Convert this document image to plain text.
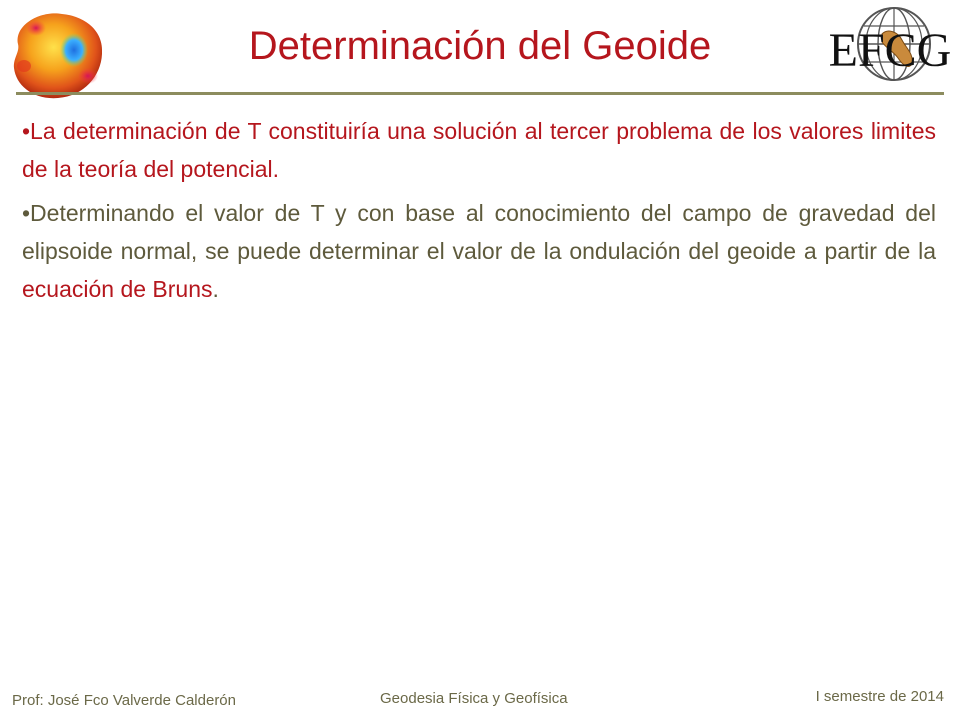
Determinación del Geoide	EFCG

•La determinación de T constituiría una solución al tercer problema de los valores limites de la teoría del potencial.

•Determinando el valor de T y con base al conocimiento del campo de gravedad del elipsoide normal, se puede determinar el valor de la ondulación del geoide a partir de la ecuación de Bruns.

Prof: José Fco Valverde Calderón	Geodesia Física y Geofísica	I semestre de 2014
